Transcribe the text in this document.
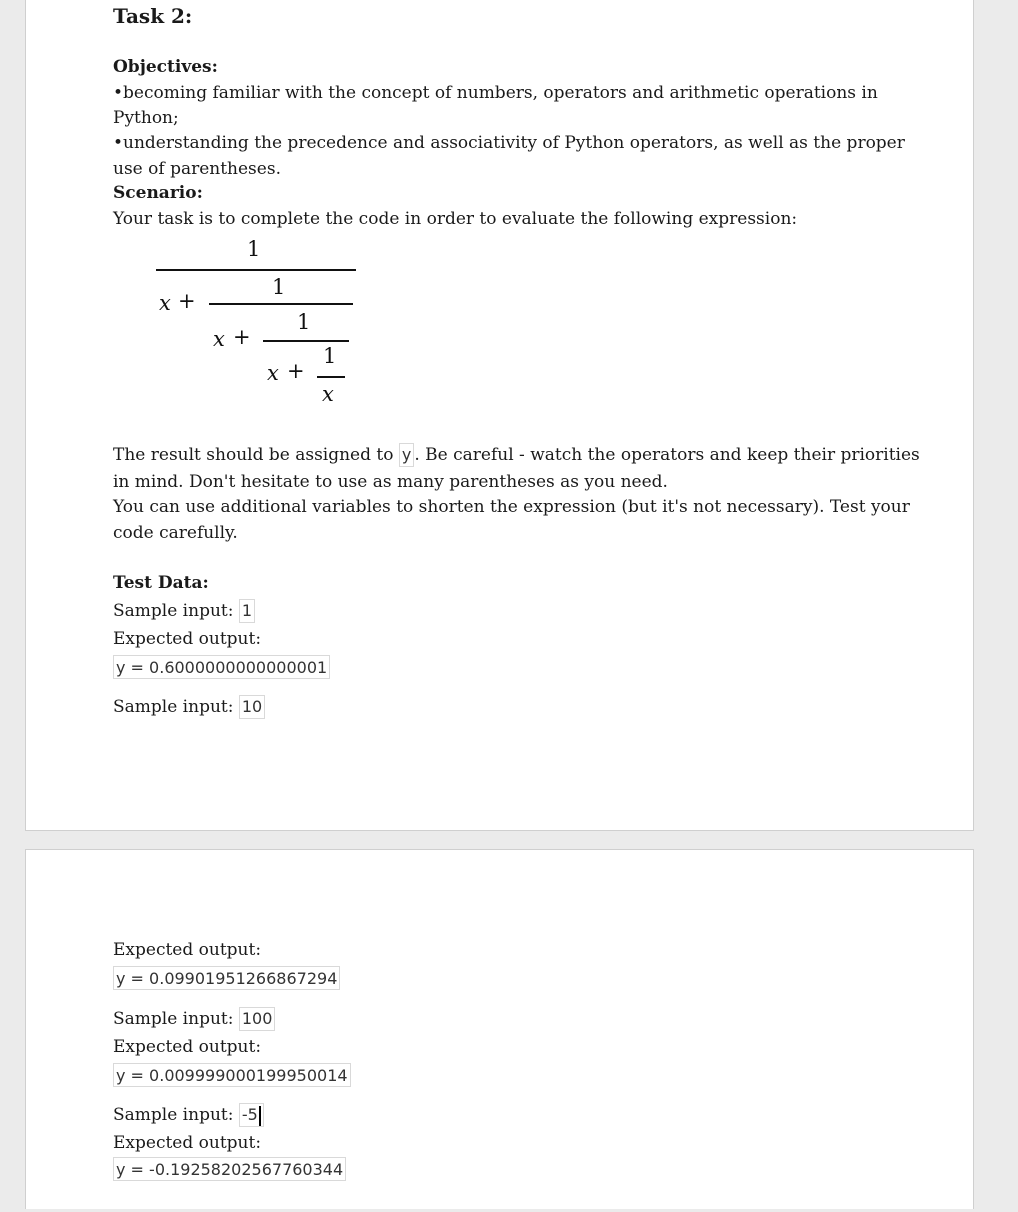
Task 2:
Objectives:
•becoming familiar with the concept of numbers, operators and arithmetic operations in
Python;
•understanding the precedence and associativity of Python operators, as well as the proper
use of parentheses.
Scenario:
Your task is to complete the code in order to evaluate the following expression:
1
x +
1
x +
1
x +
1
x
The result should be assigned to y . Be careful - watch the operators and keep their priorities
in mind. Don't hesitate to use as many parentheses as you need.
You can use additional variables to shorten the expression (but it's not necessary). Test your
code carefully.
Test Data:
Sample input: 1
Expected output:
y = 0.6000000000000001
Sample input: 10
Expected output:
y = 0.09901951266867294
Sample input: 100
Expected output:
y = 0.009999000199950014
Sample input: -5
Expected output:
y = -0.19258202567760344
